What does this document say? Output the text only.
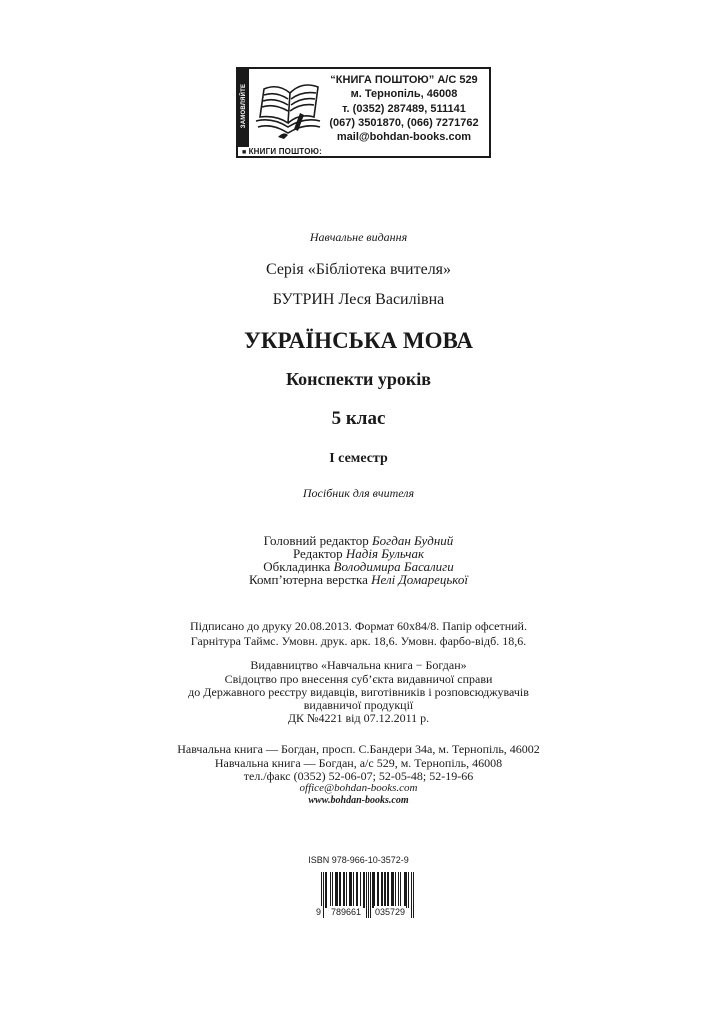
ЗАМОВЛЯЙТЕ
■ КНИГИ ПОШТОЮ:
“КНИГА ПОШТОЮ” А/С 529
м. Тернопіль, 46008
т. (0352) 287489, 511141
(067) 3501870, (066) 7271762
mail@bohdan-books.com
Навчальне видання
Серія «Бібліотека вчителя»
БУТРИН Леся Василівна
УКРАЇНСЬКА МОВА
Конспекти уроків
5 клас
І семестр
Посібник для вчителя
Головний редактор Богдан Будний
Редактор Надія Бульчак
Обкладинка Володимира Басалиги
Комп’ютерна верстка Нелі Домарецької
Підписано до друку 20.08.2013. Формат 60х84/8. Папір офсетний.
Гарнітура Таймс. Умовн. друк. арк. 18,6. Умовн. фарбо-відб. 18,6.
Видавництво «Навчальна книга − Богдан»
Свідоцтво про внесення суб’єкта видавничої справи
до Державного реєстру видавців, виготівників і розповсюджувачів
видавничої продукції
ДК №4221 від 07.12.2011 р.
Навчальна книга — Богдан, просп. С.Бандери 34а, м. Тернопіль, 46002
Навчальна книга — Богдан, а/с 529, м. Тернопіль, 46008
тел./факс (0352) 52-06-07; 52-05-48; 52-19-66
office@bohdan-books.com
www.bohdan-books.com
ISBN 978-966-10-3572-9
9 789661 035729
